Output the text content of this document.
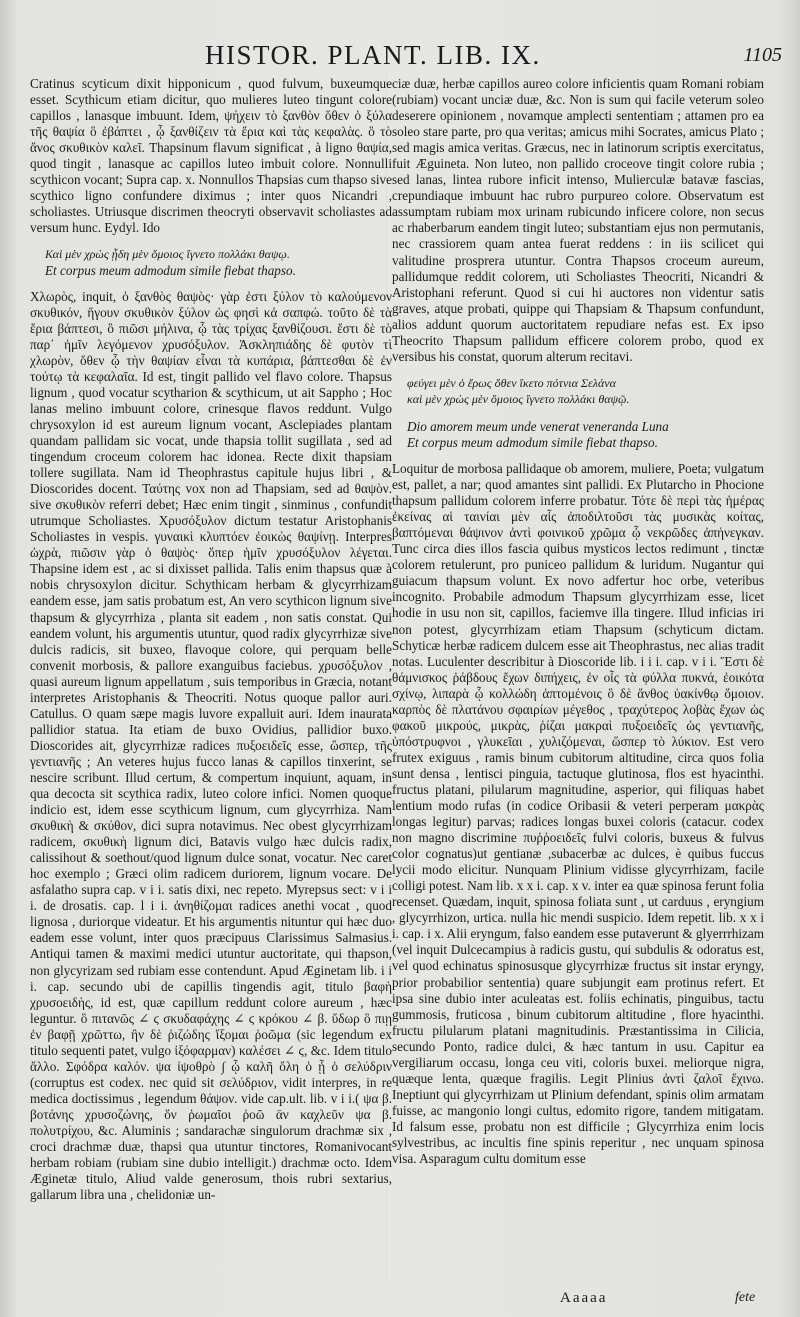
HISTOR. PLANT. LIB. IX.	1105

Cratinus scyticum dixit hipponicum , quod fulvum, buxeumque esset. Scythicum etiam dicitur, quo mulieres luteo tingunt colore capillos , lanasque imbuunt. Idem, ψήχειν τὸ ξανθὸν ὅθεν ὁ ξύλα τῆς θαψία ὃ ἐβάπτει , ᾧ ξανθίζειν τὰ ἔρια καὶ τὰς κεφαλὰς. ὃ τὸ ἄνος σκυθικὸν καλεῖ. Thapsinum flavum significat , à ligno θαψία, quod tingit , lanasque ac capillos luteo imbuit colore. Nonnulli scythicon vocant; Supra cap. x. Nonnullos Thapsias cum thapso sive scythico ligno confundere diximus ; inter quos Nicandri , scholiastes. Utriusque discrimen theocryti observavit scholiastes ad versum hunc. Eydyl. Ido

Καὶ μὲν χρὼς ᾖδη μὲν ὅμοιος ἴγνετο πολλάκι θαψῳ.
Et corpus meum admodum simile fiebat thapso.

Χλωρὸς, inquit, ὁ ξανθὸς θαψὸς· γὰρ ἐστι ξύλον τὸ καλούμενον σκυθικόν, ἥγουν σκυθικὸν ξύλον ὡς φησὶ κἀ σαπφώ. τοῦτο δὲ τὰ ἔρια βάπτεσι, ὃ πιῶσι μήλινα, ᾧ τὰς τρίχας ξανθίζουσι. ἔστι δὲ τὸ παρ᾽ ἡμῖν λεγόμενον χρυσόξυλον. Ἀσκληπιάδης δὲ φυτὸν τὶ χλωρὸν, ὅθεν ᾧ τὴν θαψίαν εἶναι τὰ κυπάρια, βάπτεσθαι δὲ ἐν τούτῳ τὰ κεφαλαῖα. Id est, tingit pallido vel flavo colore. Thapsus lignum , quod vocatur scytharion & scythicum, ut ait Sappho ; Hoc lanas melino imbuunt colore, crinesque flavos reddunt. Vulgo chrysoxylon id est aureum lignum vocant, Asclepiades plantam quandam pallidam sic vocat, unde thapsia tollit sugillata , sed ad tingendum croceum colorem hac idonea. Recte dixit thapsiam tollere sugillata. Nam id Theophrastus capitule hujus libri , & Dioscorides docent. Ταύτης vox non ad Thapsiam, sed ad θαψὸν. sive σκυθικὸν referri debet; Hæc enim tingit , sinminus , confundit utrumque Scholiastes. Χρυσόξυλον dictum testatur Aristophanis Scholiastes in vespis. γυναικὶ κλυπτόεν ἐοικὼς θαψίνῃ. Interpres ὠχρὰ, πιῶσιν γὰρ ὁ θαψὸς· ὅπερ ἡμῖν χρυσόξυλον λέγεται. Thapsine idem est , ac si dixisset pallida. Talis enim thapsus quæ à nobis chrysoxylon dicitur. Schythicam herbam & glycyrrhizam eandem esse, jam satis probatum est, An vero scythicon lignum sive thapsum & glycyrrhiza , planta sit eadem , non satis constat. Qui eandem volunt, his argumentis utuntur, quod radix glycyrrhizæ sive dulcis radicis, sit buxeo, flavoque colore, qui perquam belle convenit morbosis, & pallore exanguibus faciebus. χρυσόξυλον , quasi aureum lignum appellatum , suis temporibus in Græcia, notant interpretes Aristophanis & Theocriti. Notus quoque pallor auri. Catullus. O quam sæpe magis luvore expalluit auri. Idem inaurata pallidior statua. Ita etiam de buxo Ovidius, pallidior buxo. Dioscorides ait, glycyrrhizæ radices πυξοειδεῖς esse, ὥσπερ, τῆς γεντιανῆς ; An veteres hujus fucco lanas & capillos tinxerint, se nescire scribunt. Illud certum, & compertum inquiunt, aquam, in qua decocta sit scythica radix, luteo colore infici. Nomen quoque indicio est, idem esse scythicum lignum, cum glycyrrhiza. Nam σκυθικὴ & σκύθον, dici supra notavimus. Nec obest glycyrrhizam radicem, σκυθικὴ lignum dici, Batavis vulgo hæc dulcis radix, calissihout & soethout/quod lignum dulce sonat, vocatur. Nec caret hoc exemplo ; Græci olim radicem duriorem, lignum vocare. De asfalatho supra cap. v i i. satis dixi, nec repeto. Myrepsus sect: v i i i. de drosatis. cap. l i i. ἀνηθίζομαι radices anethi vocat , quod lignosa , duriorque videatur. Et his argumentis nituntur qui hæc duo eadem esse volunt, inter quos præcipuus Clarissimus Salmasius. Antiqui tamen & maximi medici utuntur auctoritate, qui thapson, non glycyrizam sed rubiam esse contendunt. Apud Æginetam lib. i i i. cap. secundo ubi de capillis tingendis agit, titulo βαφὴ χρυσοειδὴς, id est, quæ capillum reddunt colore aureum , hæc leguntur. ὃ πιτανῶς ∠ ϛ σκυδαφάχης ∠ ϛ κρόκου ∠ β. ὕδωρ ὃ πιῃ ἐν βαφῇ χρῶττω, ἢν δὲ ῥιζώδης ἴξομαι ῥοῶμα (sic legendum ex titulo sequenti patet, vulgo ἰξόφαρμαν) καλέσει ∠ ϛ, &c. Idem titulo ἄλλο. Σφόδρα καλόν. ψα ἰψοθρὸ ∫ ᾧ καλῆ ὄλη ὁ ᾗ ὁ σελύδριν (corruptus est codex. nec quid sit σελύδριον, vidit interpres, in re medica doctissimus , legendum θάψον. vide cap.ult. lib. v i i.( ψα β. βοτάνης χρυσοζώνης, ὅν ῥωμαῖοι ῥοῶ ᾱν καχλεῦν ψα β. πολυτρίχου, &c. Aluminis ; sandarachæ singulorum drachmæ six , croci drachmæ duæ, thapsi qua utuntur tinctores, Romanivocant herbam robiam (rubiam sine dubio intelligit.) drachmæ octo. Idem Æginetæ titulo, Aliud valde generosum, thois rubri sextarius, gallarum libra una , chelidoniæ un-

ciæ duæ, herbæ capillos aureo colore inficientis quam Romani robiam (rubiam) vocant unciæ duæ, &c. Non is sum qui facile veterum soleo deserere opinionem , novamque amplecti sententiam ; attamen pro ea soleo stare parte, pro qua veritas; amicus mihi Socrates, amicus Plato ; sed magis amica veritas. Græcus, nec in latinorum scriptis exercitatus, fuit Æguineta. Non luteo, non pallido croceove tingit colore rubia ; sed lanas, lintea rubore inficit intenso, Mulierculæ batavæ fascias, crepundiaque imbuunt hac rubro purpureo colore. Observatum est assumptam rubiam mox urinam rubicundo inficere colore, non secus ac rhaberbarum eandem tingit luteo; substantiam ejus non permutanis, nec crassiorem quam antea fuerat reddens : in iis scilicet qui valitudine prosprera utuntur. Contra Thapsos croceum aureum, pallidumque reddit colorem, uti Scholiastes Theocriti, Nicandri & Aristophani referunt. Quod si cui hi auctores non videntur satis graves, atque probati, quippe qui Thapsiam & Thapsum confundunt, alios addunt quorum auctoritatem repudiare nefas est. Ex ipso Theocrito Thapsum pallidum efficere colorem probo, quod ex versibus his constat, quorum alterum recitavi.

φεύγει μὲν ὁ ἔρως ὅθεν ἵκετο πότνια Σελάνα
καὶ μὲν χρὼς μὲν ὅμοιος ἴγνετο πολλάκι θαψῷ.
Dio amorem meum unde venerat veneranda Luna
Et corpus meum admodum simile fiebat thapso.

Loquitur de morbosa pallidaque ob amorem, muliere, Poeta; vulgatum est, pallet, a nar; quod amantes sint pallidi. Ex Plutarcho in Phocione thapsum pallidum colorem inferre probatur. Τότε δὲ περὶ τὰς ἡμέρας ἐκείνας αἱ ταινίαι μὲν αἷς ἀποδιλτοῦσι τὰς μυσικὰς κοίτας, βαπτόμεναι θάψινον ἀντὶ φοινικοῦ χρῶμα ᾧ νεκρῶδες ἀπήνεγκαν. Tunc circa dies illos fascia quibus mysticos lectos redimunt , tinctæ colorem retulerunt, pro puniceo pallidum & luridum. Nugantur qui guiacum thapsum volunt. Ex novo adfertur hoc orbe, veteribus incognito. Probabile admodum Thapsum glycyrrhizam esse, licet hodie in usu non sit, capillos, faciemve illa tingere. Illud inficias iri non potest, glycyrrhizam etiam Thapsum (schyticum dictam. Schyticæ herbæ radicem dulcem esse ait Theophrastus, nec alias tradit notas. Luculenter describitur à Dioscoride lib. i i i. cap. v i i. Ἔστι δὲ θάμνισκος ῥάβδους ἔχων διπήχεις, ἐν οἷς τὰ φύλλα πυκνά, ἐοικότα σχίνῳ, λιπαρὰ ᾧ κολλώδη ἁπτομένοις ὃ δὲ ἄνθος ὑακίνθῳ ὅμοιον. καρπὸς δὲ πλατάνου σφαιρίων μέγεθος , τραχύτερος λοβὰς ἔχων ὡς φακοῦ μικρούς, μικρὰς, ῥίζαι μακραὶ πυξοειδεῖς ὡς γεντιανῆς, ὑπόστρυφνοι , γλυκεῖαι , χυλιζόμεναι, ὥσπερ τὸ λύκιον. Est vero frutex exiguus , ramis binum cubitorum altitudine, circa quos folia sunt densa , lentisci pinguia, tactuque glutinosa, flos est hyacinthi. fructus platani, pilularum magnitudine, asperior, qui filiquas habet lentium modo rufas (in codice Oribasii & veteri perperam μακρὰς longas legitur) parvas; radices longas buxei coloris (catacur. codex non magno discrimine πυῤῥοειδεῖς fulvi coloris, buxeus & fulvus color cognatus)ut gentianæ ,subacerbæ ac dulces, è quibus fuccus lycii modo elicitur. Nunquam Plinium vidisse glycyrrhizam, facile colligi potest. Nam lib. x x i. cap. x v. inter ea quæ spinosa ferunt folia recenset. Quædam, inquit, spinosa foliata sunt , ut carduus , eryngium , glycyrrhizon, urtica. nulla hic mendi suspicio. Idem repetit. lib. x x i i. cap. i x. Alii eryngum, falso eandem esse putaverunt & glyerrrhizam (vel inquit Dulcecampius à radicis gustu, qui subdulis & odoratus est, vel quod echinatus spinosusque glycyrrhizæ fructus sit instar eryngy, prior probabilior sententia) quare subjungit eam protinus refert. Et ipsa sine dubio inter aculeatas est. foliis echinatis, pinguibus, tactu gummosis, fruticosa , binum cubitorum altitudine , flore hyacinthi. fructu pilularum platani magnitudinis. Præstantissima in Cilicia, secundo Ponto, radice dulci, & hæc tantum in usu. Capitur ea vergiliarum occasu, longa ceu viti, coloris buxei. meliorque nigra, quæque lenta, quæque fragilis. Legit Plinius ἀντὶ ζαλοῖ ἔχινω. Ineptiunt qui glycyrrhizam ut Plinium defendant, spinis olim armatam fuisse, ac mangonio longi cultus, edomito rigore, tandem mitigatam. Id falsum esse, probatu non est difficile ; Glycyrrhiza enim locis sylvestribus, ac incultis fine spinis reperitur , nec unquam spinosa visa. Asparagum cultu domitum esse

Aaaaa	fete
